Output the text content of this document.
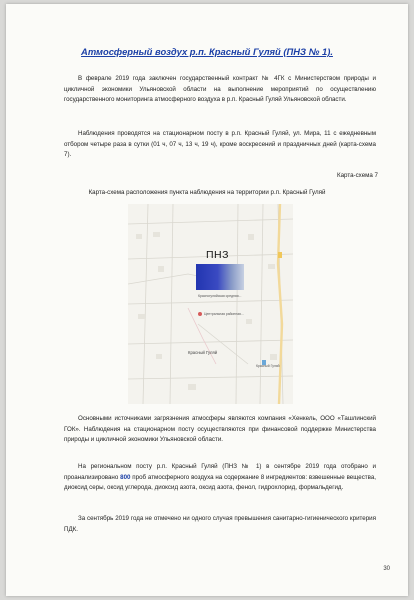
Атмосферный воздух р.п. Красный Гуляй (ПНЗ № 1).
В феврале 2019 года заключен государственный контракт № 4ГК с Министерством природы и цикличной экономики Ульяновской области на выполнение мероприятий по осуществлению государственного мониторинга атмосферного воздуха в р.п. Красный Гуляй Ульяновской области.
Наблюдения проводятся на стационарном посту в р.п. Красный Гуляй, ул. Мира, 11 с ежедневным отбором четыре раза в сутки (01 ч, 07 ч, 13 ч, 19 ч), кроме воскресений и праздничных дней (карта-схема 7).
Карта-схема 7
Карта-схема расположения пункта наблюдения на территории р.п. Красный Гуляй
ПНЗ
Красногуляйская средняя...
Центральная районная...
Красный Гуляй
Красный Гуляй
Основными источниками загрязнения атмосферы являются компания «Хенкель, ООО «Ташлинский ГОК». Наблюдения на стационарном посту осуществляются при финансовой поддержке Министерства природы и цикличной экономики Ульяновской области.
На региональном посту р.п. Красный Гуляй (ПНЗ № 1) в сентябре 2019 года отобрано и проанализировано 800 проб атмосферного воздуха на содержание 8 ингредиентов: взвешенные вещества, диоксид серы, оксид углерода, диоксид азота, оксид азота, фенол, гидрохлорид, формальдегид.
За сентябрь 2019 года не отмечено ни одного случая превышения санитарно-гигиенического критерия ПДК.
30
